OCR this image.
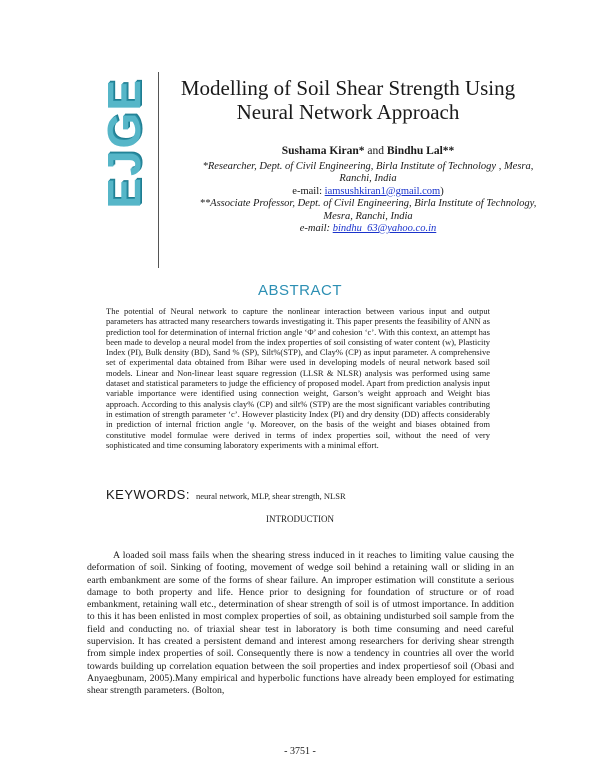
EJGE	Modelling of Soil Shear Strength Using Neural Network Approach
Sushama Kiran* and Bindhu Lal**
*Researcher, Dept. of Civil Engineering, Birla Institute of Technology , Mesra,
Ranchi, India
e-mail: iamsushkiran1@gmail.com)
**Associate Professor, Dept. of Civil Engineering, Birla Institute of Technology,
Mesra, Ranchi, India
e-mail: bindhu_63@yahoo.co.in
ABSTRACT

The potential of Neural network to capture the nonlinear interaction between various input and output parameters has attracted many researchers towards investigating it. This paper presents the feasibility of ANN as prediction tool for determination of internal friction angle ‘Φ’ and cohesion ‘c’. With this context, an attempt has been made to develop a neural model from the index properties of soil consisting of water content (w), Plasticity Index (PI), Bulk density (BD), Sand % (SP), Silt%(STP), and Clay% (CP) as input parameter. A comprehensive set of experimental data obtained from Bihar were used in developing models of neural network based soil models. Linear and Non-linear least square regression (LLSR & NLSR) analysis was performed using same dataset and statistical parameters to judge the efficiency of proposed model. Apart from prediction analysis input variable importance were identified using connection weight, Garson’s weight approach and Weight bias approach. According to this analysis clay% (CP) and silt% (STP) are the most significant variables contributing in estimation of strength parameter ‘c’. However plasticity Index (PI) and dry density (DD) affects considerably in prediction of internal friction angle ‘φ. Moreover, on the basis of the weight and biases obtained from constitutive model formulae were derived in terms of index properties soil, without the need of very sophisticated and time consuming laboratory experiments with a minimal effort.

KEYWORDS: neural network, MLP, shear strength, NLSR
INTRODUCTION

A loaded soil mass fails when the shearing stress induced in it reaches to limiting value causing the deformation of soil. Sinking of footing, movement of wedge soil behind a retaining wall or sliding in an earth embankment are some of the forms of shear failure. An improper estimation will constitute a serious damage to both property and life. Hence prior to designing for foundation of structure or of road embankment, retaining wall etc., determination of shear strength of soil is of utmost importance. In addition to this it has been enlisted in most complex properties of soil, as obtaining undisturbed soil sample from the field and conducting no. of triaxial shear test in laboratory is both time consuming and need careful supervision. It has created a persistent demand and interest among researchers for deriving shear strength from simple index properties of soil. Consequently there is now a tendency in countries all over the world towards building up correlation equation between the soil properties and index propertiesof soil (Obasi and Anyaegbunam, 2005).Many empirical and hyperbolic functions have already been employed for estimating shear strength parameters. (Bolton,

- 3751 -
